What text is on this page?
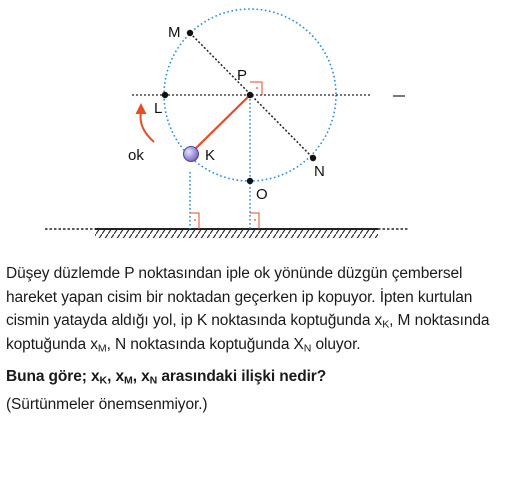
M
P
L
K
N
O
ok

Düşey düzlemde P noktasından iple ok yönünde düzgün çembersel hareket yapan cisim bir noktadan geçerken ip kopuyor. İpten kurtulan cismin yatayda aldığı yol, ip K noktasında koptuğunda $x_K$, M noktasında koptuğunda $x_M$, N noktasında koptuğunda $X_N$ oluyor.

Buna göre; $x_K$, $x_M$, $x_N$ arasındaki ilişki nedir?

(Sürtünmeler önemsenmiyor.)
